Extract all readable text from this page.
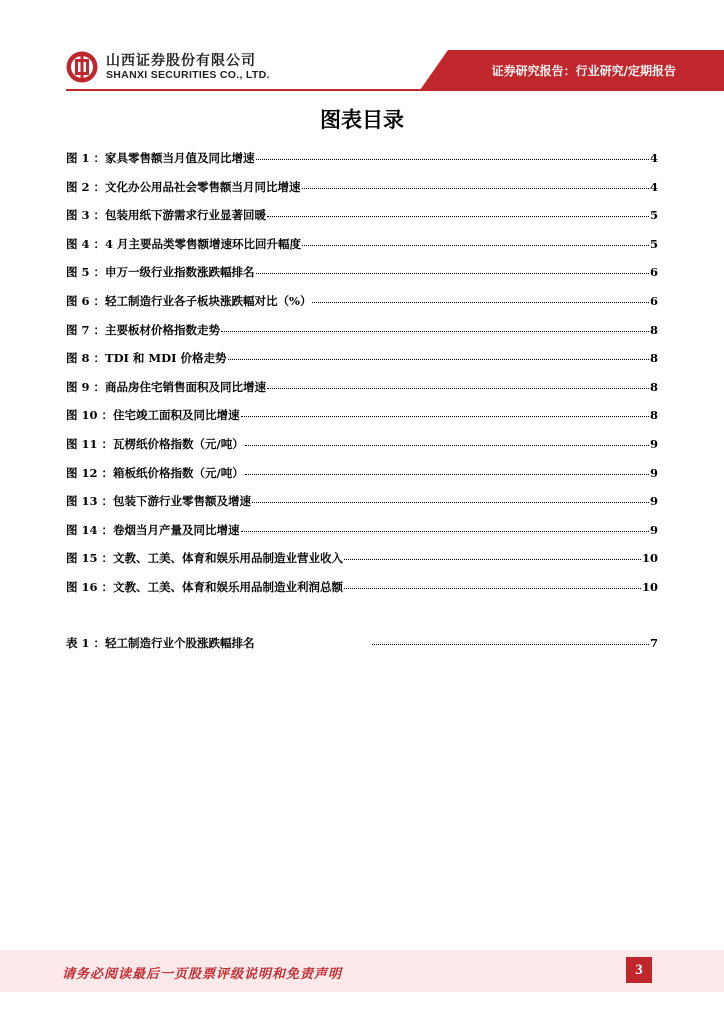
山西证券股份有限公司
SHANXI SECURITIES CO., LTD.	证券研究报告：行业研究/定期报告
图表目录
图 1 ： 家具零售额当月值及同比增速	4
图 2 ： 文化办公用品社会零售额当月同比增速	4
图 3 ： 包装用纸下游需求行业显著回暖	5
图 4 ： 4 月主要品类零售额增速环比回升幅度	5
图 5 ： 申万一级行业指数涨跌幅排名	6
图 6 ： 轻工制造行业各子板块涨跌幅对比（%）	6
图 7 ： 主要板材价格指数走势	8
图 8 ： TDI 和 MDI 价格走势	8
图 9 ： 商品房住宅销售面积及同比增速	8
图 10 ： 住宅竣工面积及同比增速	8
图 11 ： 瓦楞纸价格指数（元/吨）	9
图 12 ： 箱板纸价格指数（元/吨）	9
图 13 ： 包装下游行业零售额及增速	9
图 14 ： 卷烟当月产量及同比增速	9
图 15 ： 文教、工美、体育和娱乐用品制造业营业收入	10
图 16 ： 文教、工美、体育和娱乐用品制造业利润总额	10
表 1 ： 轻工制造行业个股涨跌幅排名	7
请务必阅读最后一页股票评级说明和免责声明	3
